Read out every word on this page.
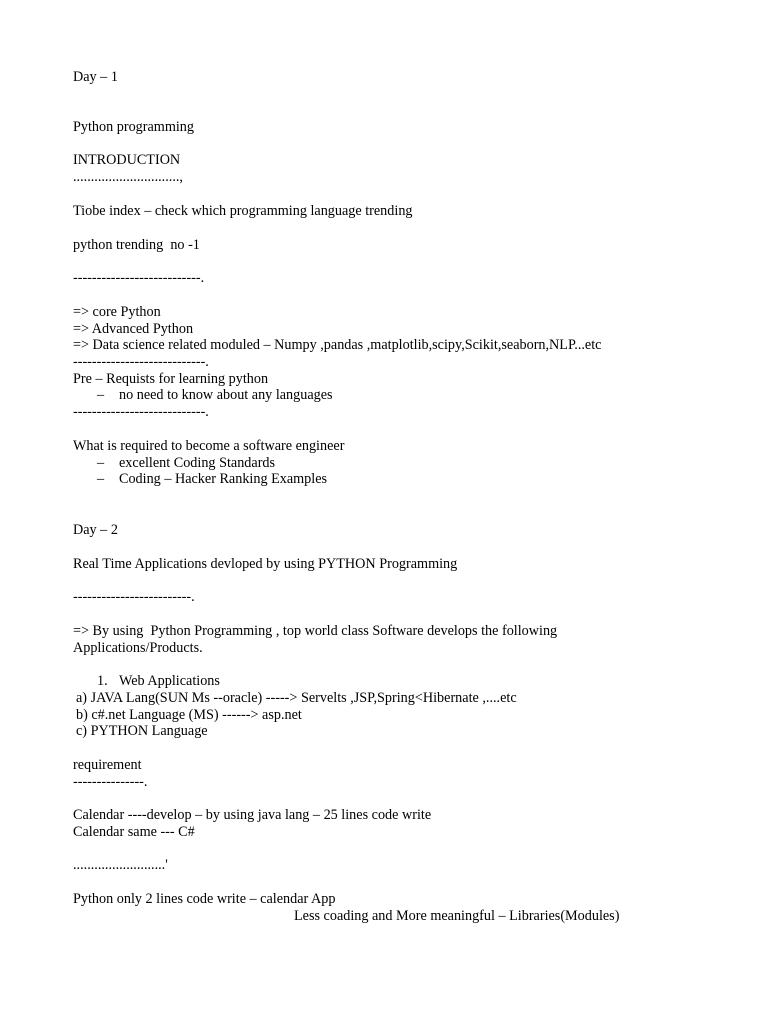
Day – 1
Python programming
INTRODUCTION
..............................,
Tiobe index – check which programming language trending
python trending  no -1
---------------------------.
=> core Python
=> Advanced Python
=> Data science related moduled – Numpy ,pandas ,matplotlib,scipy,Scikit,seaborn,NLP...etc
----------------------------.
Pre – Requists for learning python
– no need to know about any languages
----------------------------.
What is required to become a software engineer
– excellent Coding Standards
– Coding – Hacker Ranking Examples
Day – 2
Real Time Applications devloped by using PYTHON Programming
-------------------------.
=> By using  Python Programming , top world class Software develops the following
Applications/Products.
1. Web Applications
a) JAVA Lang(SUN Ms --oracle) -----> Servelts ,JSP,Spring<Hibernate ,....etc
b) c#.net Language (MS) ------> asp.net
c) PYTHON Language
requirement
---------------.
Calendar ----develop – by using java lang – 25 lines code write
Calendar same --- C#
..........................'
Python only 2 lines code write – calendar App
Less coading and More meaningful – Libraries(Modules)
